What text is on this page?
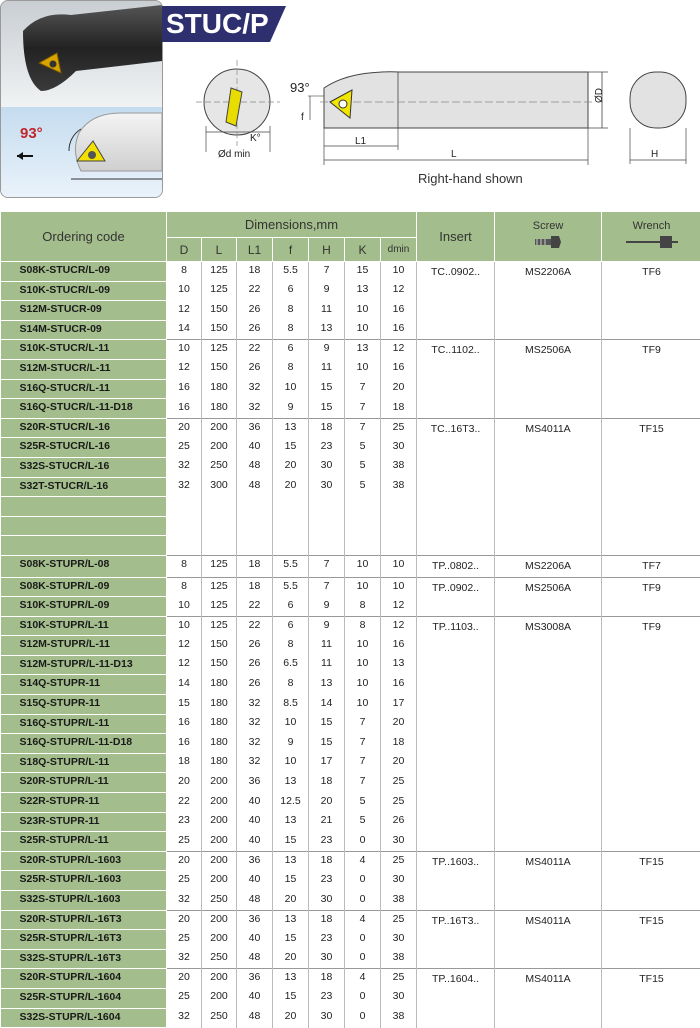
93°
STUC/P
K°
Ød min
93°
f
L1
L
ØD
H
Right-hand shown
Ordering code	Dimensions,mm							Insert	Screw	Wrench

	D	L	L1	f	H	K	dmin			
S08K-STUCR/L-09	8	125	18	5.5	7	15	10	TC..0902..	MS2206A	TF6
S10K-STUCR/L-09	10	125	22	6	9	13	12			
S12M-STUCR-09	12	150	26	8	11	10	16			
S14M-STUCR-09	14	150	26	8	13	10	16			
S10K-STUCR/L-11	10	125	22	6	9	13	12	TC..1102..	MS2506A	TF9
S12M-STUCR/L-11	12	150	26	8	11	10	16			
S16Q-STUCR/L-11	16	180	32	10	15	7	20			
S16Q-STUCR/L-11-D18	16	180	32	9	15	7	18			
S20R-STUCR/L-16	20	200	36	13	18	7	25	TC..16T3..	MS4011A	TF15
S25R-STUCR/L-16	25	200	40	15	23	5	30			
S32S-STUCR/L-16	32	250	48	20	30	5	38			
S32T-STUCR/L-16	32	300	48	20	30	5	38			

S08K-STUPR/L-08	8	125	18	5.5	7	10	10	TP..0802..	MS2206A	TF7
S08K-STUPR/L-09	8	125	18	5.5	7	10	10	TP..0902..	MS2506A	TF9
S10K-STUPR/L-09	10	125	22	6	9	8	12			
S10K-STUPR/L-11	10	125	22	6	9	8	12	TP..1103..	MS3008A	TF9
S12M-STUPR/L-11	12	150	26	8	11	10	16			
S12M-STUPR/L-11-D13	12	150	26	6.5	11	10	13			
S14Q-STUPR-11	14	180	26	8	13	10	16			
S15Q-STUPR-11	15	180	32	8.5	14	10	17			
S16Q-STUPR/L-11	16	180	32	10	15	7	20			
S16Q-STUPR/L-11-D18	16	180	32	9	15	7	18			
S18Q-STUPR/L-11	18	180	32	10	17	7	20			
S20R-STUPR/L-11	20	200	36	13	18	7	25			
S22R-STUPR-11	22	200	40	12.5	20	5	25			
S23R-STUPR-11	23	200	40	13	21	5	26			
S25R-STUPR/L-11	25	200	40	15	23	0	30			
S20R-STUPR/L-1603	20	200	36	13	18	4	25	TP..1603..	MS4011A	TF15
S25R-STUPR/L-1603	25	200	40	15	23	0	30			
S32S-STUPR/L-1603	32	250	48	20	30	0	38			
S20R-STUPR/L-16T3	20	200	36	13	18	4	25	TP..16T3..	MS4011A	TF15
S25R-STUPR/L-16T3	25	200	40	15	23	0	30			
S32S-STUPR/L-16T3	32	250	48	20	30	0	38			
S20R-STUPR/L-1604	20	200	36	13	18	4	25	TP..1604..	MS4011A	TF15
S25R-STUPR/L-1604	25	200	40	15	23	0	30			
S32S-STUPR/L-1604	32	250	48	20	30	0	38			
